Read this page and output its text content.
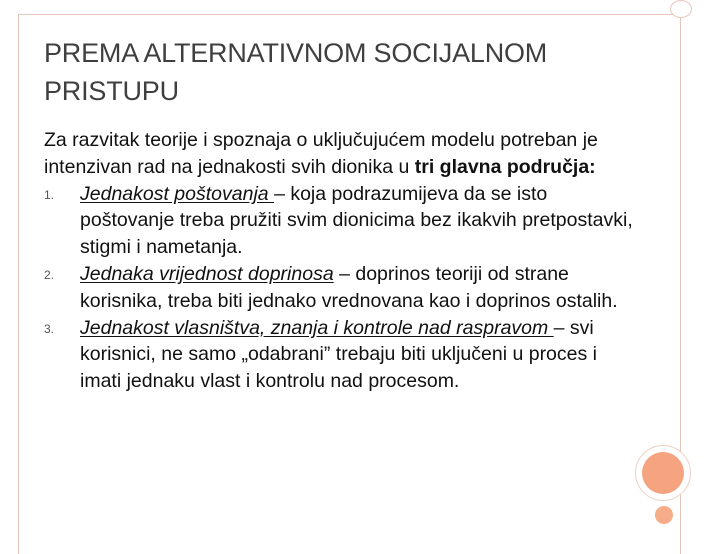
PREMA ALTERNATIVNOM SOCIJALNOM PRISTUPU

Za razvitak teorije i spoznaja o uključujućem modelu potreban je intenzivan rad na jednakosti svih dionika u tri glavna područja:

1. Jednakost poštovanja – koja podrazumijeva da se isto poštovanje treba pružiti svim dionicima bez ikakvih pretpostavki, stigmi i nametanja.
2. Jednaka vrijednost doprinosa – doprinos teoriji od strane korisnika, treba biti jednako vrednovana kao i doprinos ostalih.
3. Jednakost vlasništva, znanja i kontrole nad raspravom – svi korisnici, ne samo „odabrani” trebaju biti uključeni u proces i imati jednaku vlast i kontrolu nad procesom.
